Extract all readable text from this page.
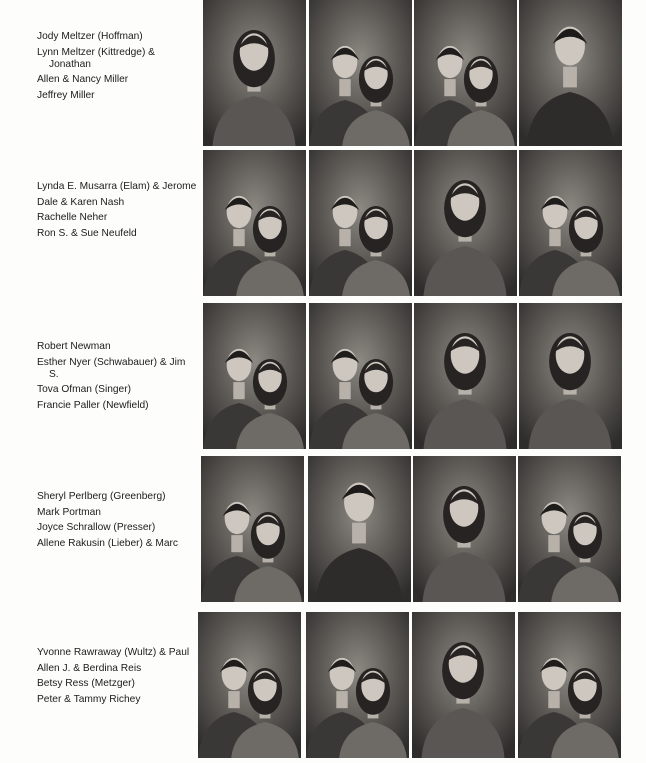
Jody Meltzer (Hoffman)
Lynn Meltzer (Kittredge) & Jonathan
Allen & Nancy Miller
Jeffrey Miller
Lynda E. Musarra (Elam) & Jerome
Dale & Karen Nash
Rachelle Neher
Ron S. & Sue Neufeld
Robert Newman
Esther Nyer (Schwabauer) & Jim S.
Tova Ofman (Singer)
Francie Paller (Newfield)
Sheryl Perlberg (Greenberg)
Mark Portman
Joyce Schrallow (Presser)
Allene Rakusin (Lieber) & Marc
Yvonne Rawraway (Wultz) & Paul
Allen J. & Berdina Reis
Betsy Ress (Metzger)
Peter & Tammy Richey
